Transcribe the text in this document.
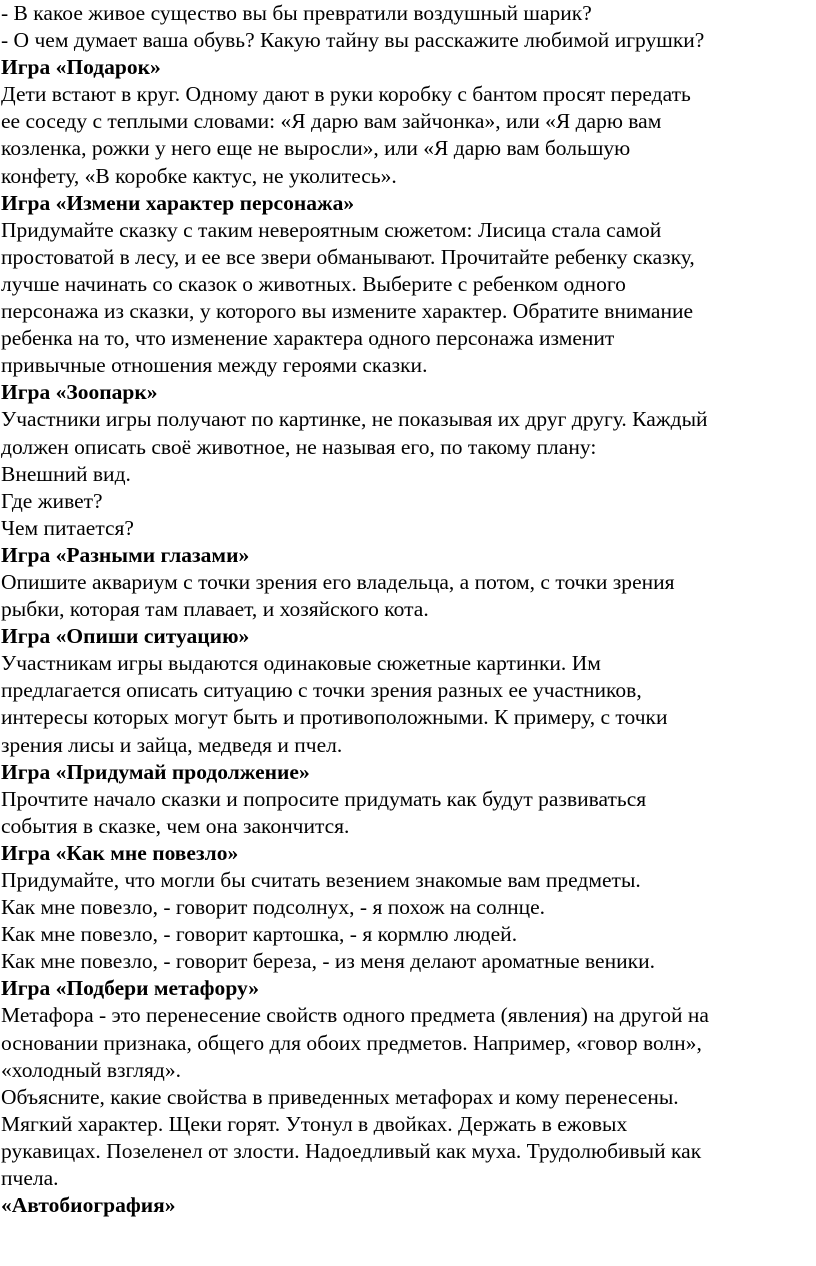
- В какое живое существо вы бы превратили воздушный шарик?
- О чем думает ваша обувь? Какую тайну вы расскажите любимой игрушки?
Игра «Подарок»
Дети встают в круг. Одному дают в руки коробку с бантом просят передать
ее соседу с теплыми словами: «Я дарю вам зайчонка», или «Я дарю вам
козленка, рожки у него еще не выросли», или «Я дарю вам большую
конфету, «В коробке кактус, не уколитесь».
Игра «Измени характер персонажа»
Придумайте сказку с таким невероятным сюжетом: Лисица стала самой
простоватой в лесу, и ее все звери обманывают. Прочитайте ребенку сказку,
лучше начинать со сказок о животных. Выберите с ребенком одного
персонажа из сказки, у которого вы измените характер. Обратите внимание
ребенка на то, что изменение характера одного персонажа изменит
привычные отношения между героями сказки.
Игра «Зоопарк»
Участники игры получают по картинке, не показывая их друг другу. Каждый
должен описать своё животное, не называя его, по такому плану:
Внешний вид.
Где живет?
Чем питается?
Игра «Разными глазами»
Опишите аквариум с точки зрения его владельца, а потом, с точки зрения
рыбки, которая там плавает, и хозяйского кота.
Игра «Опиши ситуацию»
Участникам игры выдаются одинаковые сюжетные картинки. Им
предлагается описать ситуацию с точки зрения разных ее участников,
интересы которых могут быть и противоположными. К примеру, с точки
зрения лисы и зайца, медведя и пчел.
Игра «Придумай продолжение»
Прочтите начало сказки и попросите придумать как будут развиваться
события в сказке, чем она закончится.
Игра «Как мне повезло»
Придумайте, что могли бы считать везением знакомые вам предметы.
Как мне повезло, - говорит подсолнух, - я похож на солнце.
Как мне повезло, - говорит картошка, - я кормлю людей.
Как мне повезло, - говорит береза, - из меня делают ароматные веники.
Игра «Подбери метафору»
Метафора - это перенесение свойств одного предмета (явления) на другой на
основании признака, общего для обоих предметов. Например, «говор волн»,
«холодный взгляд».
Объясните, какие свойства в приведенных метафорах и кому перенесены.
Мягкий характер. Щеки горят. Утонул в двойках. Держать в ежовых
рукавицах. Позеленел от злости. Надоедливый как муха. Трудолюбивый как
пчела.
«Автобиография»
